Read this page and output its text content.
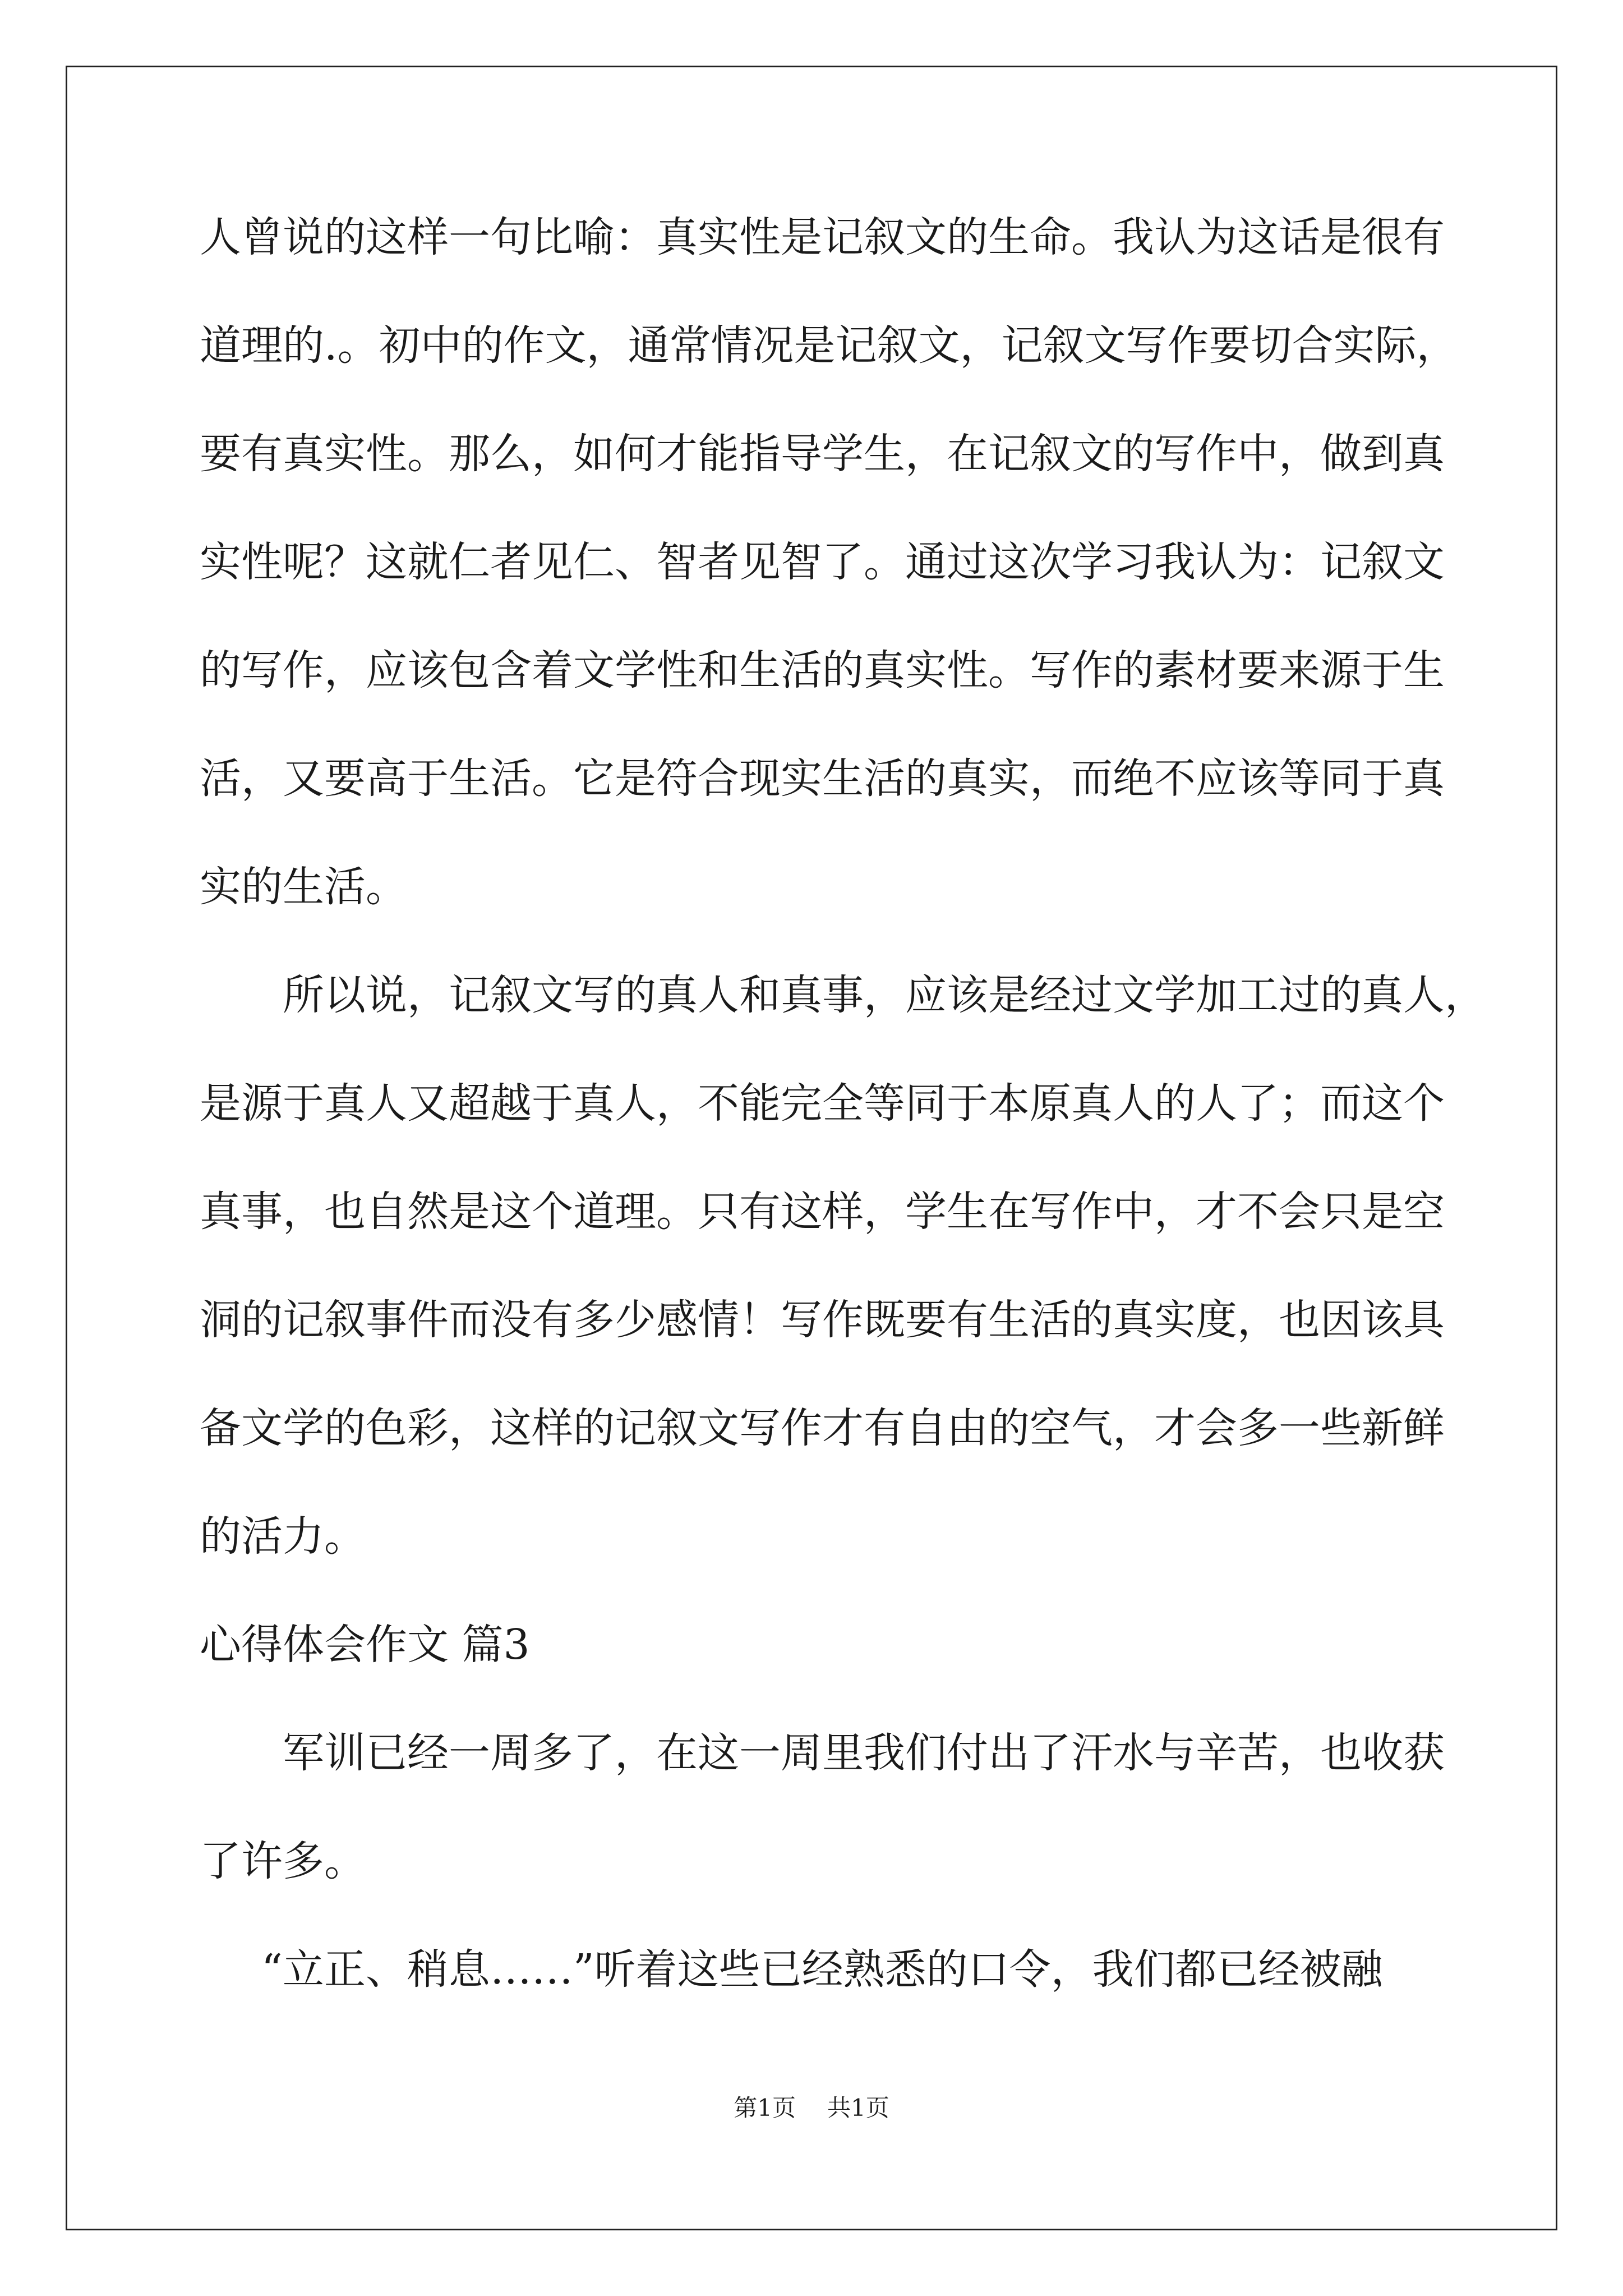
人曾说的这样一句比喻：真实性是记叙文的生命。我认为这话是很有
道理的.。初中的作文，通常情况是记叙文，记叙文写作要切合实际，
要有真实性。那么，如何才能指导学生，在记叙文的写作中，做到真
实性呢？这就仁者见仁、智者见智了。通过这次学习我认为：记叙文
的写作，应该包含着文学性和生活的真实性。写作的素材要来源于生
活，又要高于生活。它是符合现实生活的真实，而绝不应该等同于真
实的生活。
所以说，记叙文写的真人和真事，应该是经过文学加工过的真人，
是源于真人又超越于真人，不能完全等同于本原真人的人了；而这个
真事，也自然是这个道理。只有这样，学生在写作中，才不会只是空
洞的记叙事件而没有多少感情！写作既要有生活的真实度，也因该具
备文学的色彩，这样的记叙文写作才有自由的空气，才会多一些新鲜
的活力。
心得体会作文 篇3
军训已经一周多了，在这一周里我们付出了汗水与辛苦，也收获
了许多。
“立正、稍息……”听着这些已经熟悉的口令，我们都已经被融
第1页 共1页
